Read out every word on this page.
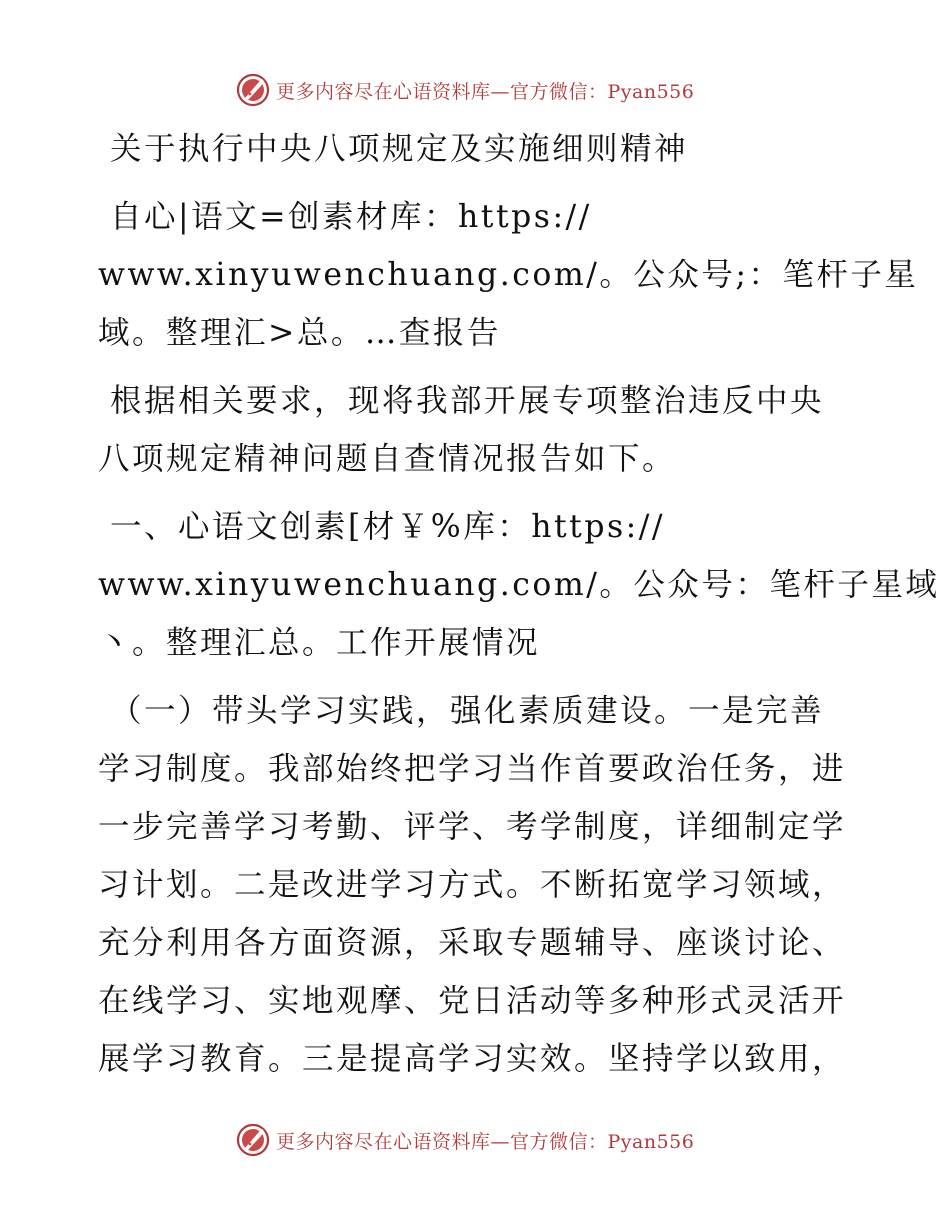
更多内容尽在心语资料库—官方微信：Pyan556

关于执行中央八项规定及实施细则精神

自心|语文=创素材库：https://
www.xinyuwenchuang.com/。公众号;：笔杆子星
域。整理汇>总。…查报告

根据相关要求，现将我部开展专项整治违反中央
八项规定精神问题自查情况报告如下。

一、心语文创素[材￥%库：https://
www.xinyuwenchuang.com/。公众号：笔杆子星域
丶。整理汇总。工作开展情况

（一）带头学习实践，强化素质建设。一是完善
学习制度。我部始终把学习当作首要政治任务，进
一步完善学习考勤、评学、考学制度，详细制定学
习计划。二是改进学习方式。不断拓宽学习领域，
充分利用各方面资源，采取专题辅导、座谈讨论、
在线学习、实地观摩、党日活动等多种形式灵活开
展学习教育。三是提高学习实效。坚持学以致用，

更多内容尽在心语资料库—官方微信：Pyan556
